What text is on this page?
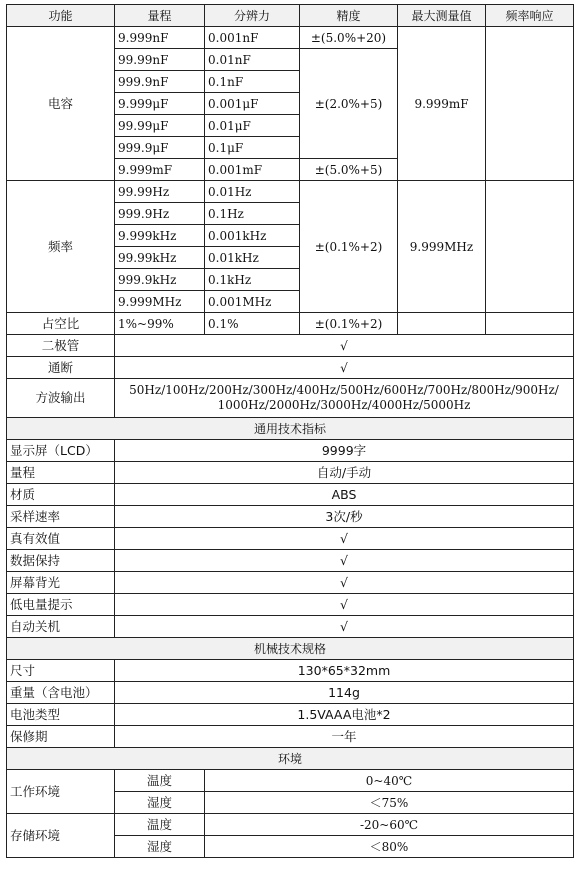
功能	量程	分辨力	精度	最大测量值	频率响应
电容	9.999nF	0.001nF	±(5.0%+20)	9.999mF	
	99.99nF	0.01nF	±(2.0%+5)		
	999.9nF	0.1nF			
	9.999μF	0.001μF			
	99.99μF	0.01μF			
	999.9μF	0.1μF			
	9.999mF	0.001mF	±(5.0%+5)		
频率	99.99Hz	0.01Hz	±(0.1%+2)	9.999MHz	
	999.9Hz	0.1Hz			
	9.999kHz	0.001kHz			
	99.99kHz	0.01kHz			
	999.9kHz	0.1kHz			
	9.999MHz	0.001MHz			
占空比	1%~99%	0.1%	±(0.1%+2)		
二极管	√				
通断	√				
方波输出	50Hz/100Hz/200Hz/300Hz/400Hz/500Hz/600Hz/700Hz/800Hz/900Hz/
1000Hz/2000Hz/3000Hz/4000Hz/5000Hz				

通用技术指标					
显示屏（LCD）	9999字				
量程	自动/手动				
材质	ABS				
采样速率	3次/秒				
真有效值	√				
数据保持	√				
屏幕背光	√				
低电量提示	√				
自动关机	√				
机械技术规格					
尺寸	130*65*32mm				
重量（含电池）	114g				
电池类型	1.5VAAA电池*2				
保修期	一年				
环境					
工作环境	温度	0~40℃			
	湿度	＜75%			
存储环境	温度	-20~60℃			
	湿度	＜80%			
